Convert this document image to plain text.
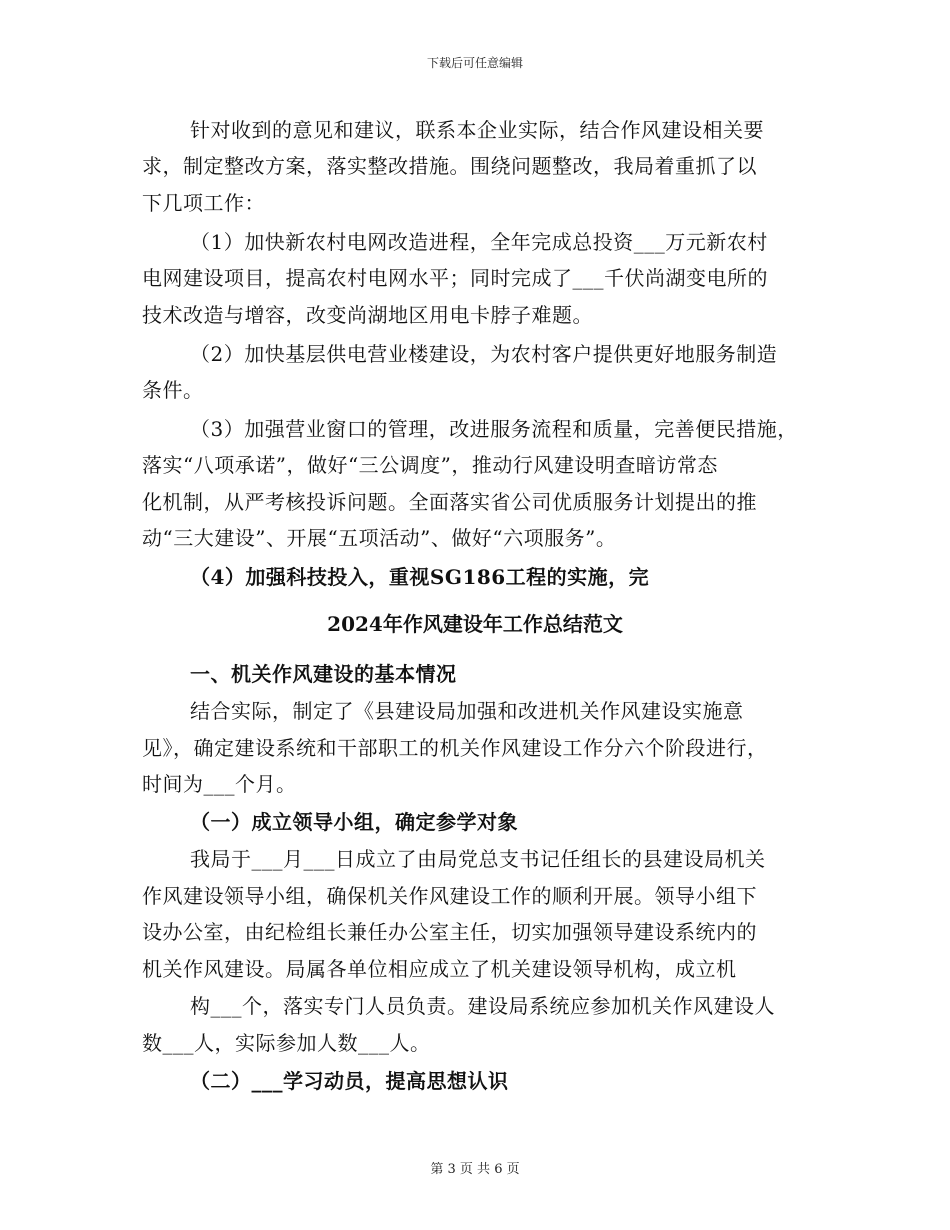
下载后可任意编辑
针对收到的意见和建议，联系本企业实际，结合作风建设相关要
求，制定整改方案，落实整改措施。围绕问题整改，我局着重抓了以
下几项工作：
（1）加快新农村电网改造进程，全年完成总投资___万元新农村
电网建设项目，提高农村电网水平；同时完成了___千伏尚湖变电所的
技术改造与增容，改变尚湖地区用电卡脖子难题。
（2）加快基层供电营业楼建设，为农村客户提供更好地服务制造
条件。
（3）加强营业窗口的管理，改进服务流程和质量，完善便民措施，
落实“八项承诺”，做好“三公调度”，推动行风建设明查暗访常态
化机制，从严考核投诉问题。全面落实省公司优质服务计划提出的推
动“三大建设”、开展“五项活动”、做好“六项服务”。
（4）加强科技投入，重视SG186工程的实施，完
2024年作风建设年工作总结范文
一、机关作风建设的基本情况
结合实际，制定了《县建设局加强和改进机关作风建设实施意
见》，确定建设系统和干部职工的机关作风建设工作分六个阶段进行，
时间为___个月。
（一）成立领导小组，确定参学对象
我局于___月___日成立了由局党总支书记任组长的县建设局机关
作风建设领导小组，确保机关作风建设工作的顺利开展。领导小组下
设办公室，由纪检组长兼任办公室主任，切实加强领导建设系统内的
机关作风建设。局属各单位相应成立了机关建设领导机构，成立机
构___个，落实专门人员负责。建设局系统应参加机关作风建设人
数___人，实际参加人数___人。
（二）___学习动员，提高思想认识
第 3 页 共 6 页
